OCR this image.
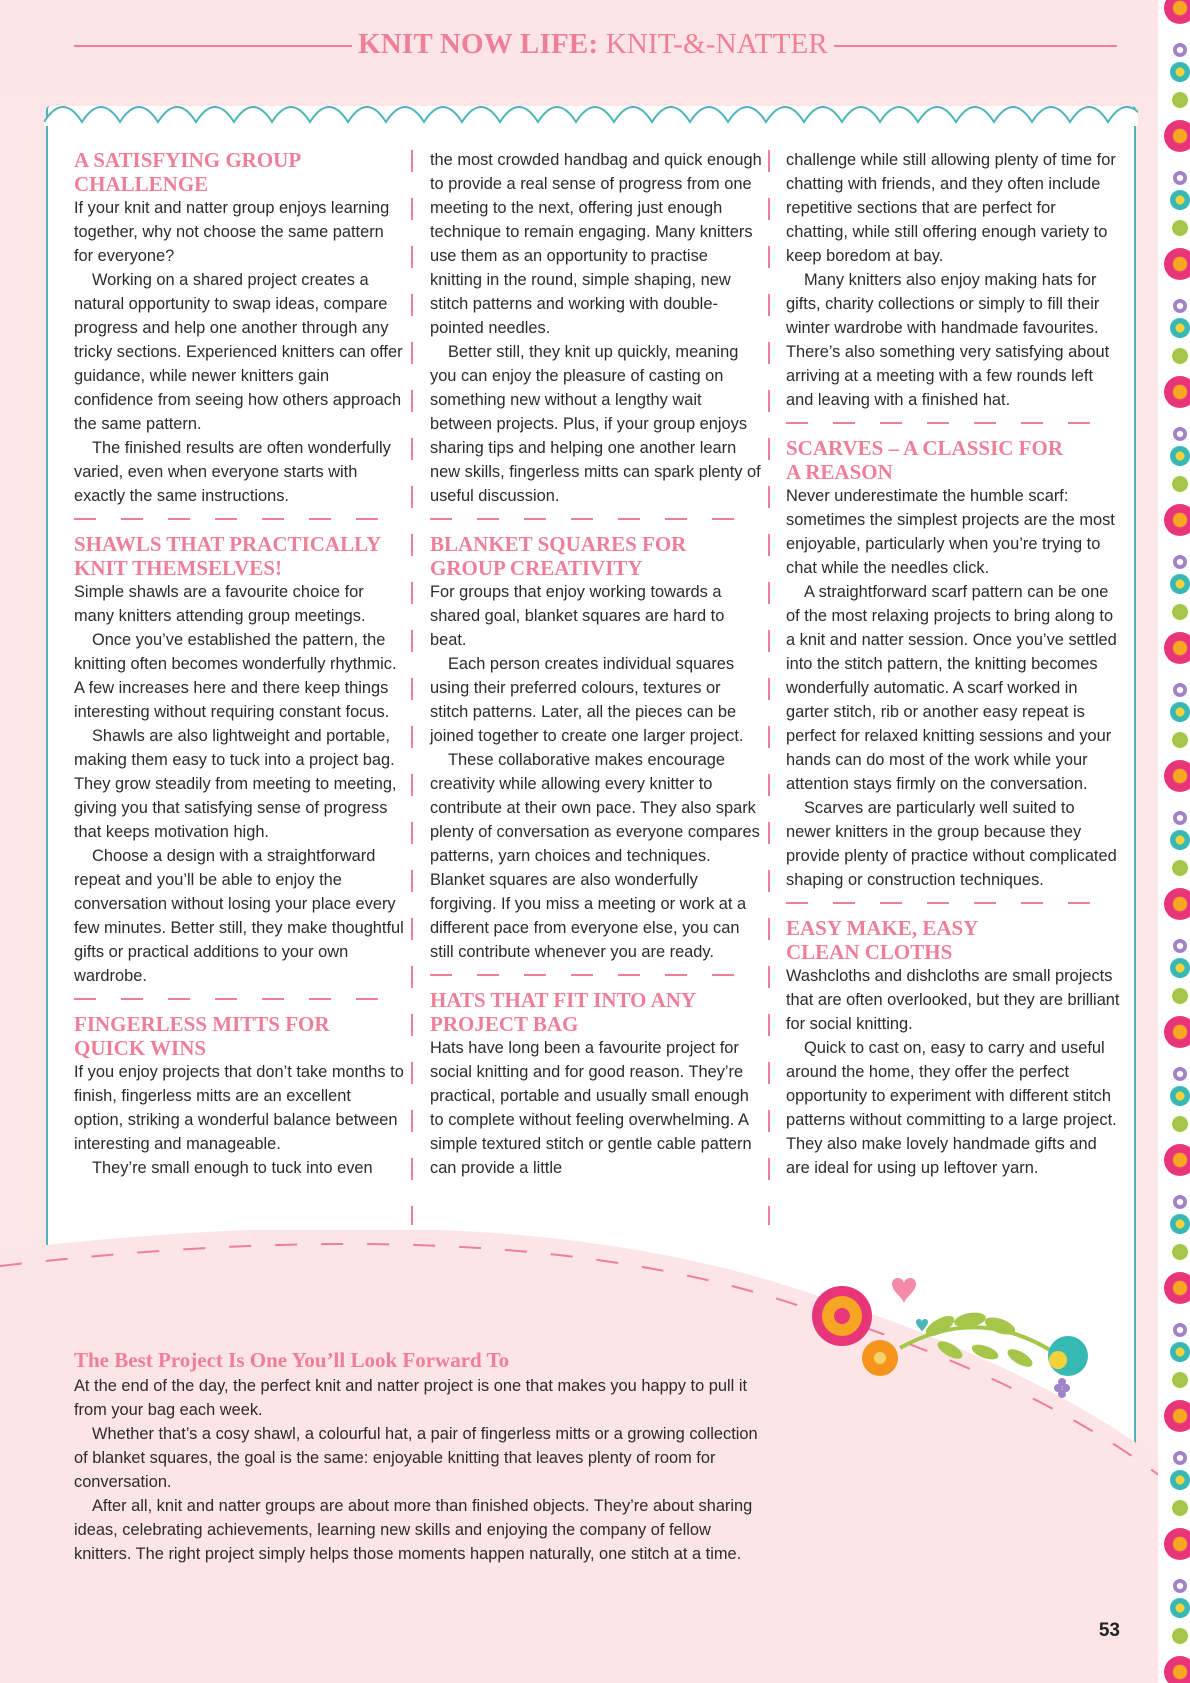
KNIT NOW LIFE: KNIT-&-NATTER
A SATISFYING GROUP CHALLENGE

If your knit and natter group enjoys learning together, why not choose the same pattern for everyone?

Working on a shared project creates a natural opportunity to swap ideas, compare progress and help one another through any tricky sections. Experienced knitters can offer guidance, while newer knitters gain confidence from seeing how others approach the same pattern.

The finished results are often wonderfully varied, even when everyone starts with exactly the same instructions.

SHAWLS THAT PRACTICALLY KNIT THEMSELVES!

Simple shawls are a favourite choice for many knitters attending group meetings.

Once you’ve established the pattern, the knitting often becomes wonderfully rhythmic. A few increases here and there keep things interesting without requiring constant focus.

Shawls are also lightweight and portable, making them easy to tuck into a project bag. They grow steadily from meeting to meeting, giving you that satisfying sense of progress that keeps motivation high.

Choose a design with a straightforward repeat and you’ll be able to enjoy the conversation without losing your place every few minutes. Better still, they make thoughtful gifts or practical additions to your own wardrobe.

FINGERLESS MITTS FOR QUICK WINS

If you enjoy projects that don’t take months to finish, fingerless mitts are an excellent option, striking a wonderful balance between interesting and manageable.

They’re small enough to tuck into even

the most crowded handbag and quick enough to provide a real sense of progress from one meeting to the next, offering just enough technique to remain engaging. Many knitters use them as an opportunity to practise knitting in the round, simple shaping, new stitch patterns and working with double-pointed needles.

Better still, they knit up quickly, meaning you can enjoy the pleasure of casting on something new without a lengthy wait between projects. Plus, if your group enjoys sharing tips and helping one another learn new skills, fingerless mitts can spark plenty of useful discussion.

BLANKET SQUARES FOR GROUP CREATIVITY

For groups that enjoy working towards a shared goal, blanket squares are hard to beat.

Each person creates individual squares using their preferred colours, textures or stitch patterns. Later, all the pieces can be joined together to create one larger project.

These collaborative makes encourage creativity while allowing every knitter to contribute at their own pace. They also spark plenty of conversation as everyone compares patterns, yarn choices and techniques. Blanket squares are also wonderfully forgiving. If you miss a meeting or work at a different pace from everyone else, you can still contribute whenever you are ready.

HATS THAT FIT INTO ANY PROJECT BAG

Hats have long been a favourite project for social knitting and for good reason. They’re practical, portable and usually small enough to complete without feeling overwhelming. A simple textured stitch or gentle cable pattern can provide a little

challenge while still allowing plenty of time for chatting with friends, and they often include repetitive sections that are perfect for chatting, while still offering enough variety to keep boredom at bay.

Many knitters also enjoy making hats for gifts, charity collections or simply to fill their winter wardrobe with handmade favourites. There’s also something very satisfying about arriving at a meeting with a few rounds left and leaving with a finished hat.

SCARVES – A CLASSIC FOR A REASON

Never underestimate the humble scarf: sometimes the simplest projects are the most enjoyable, particularly when you’re trying to chat while the needles click.

A straightforward scarf pattern can be one of the most relaxing projects to bring along to a knit and natter session. Once you’ve settled into the stitch pattern, the knitting becomes wonderfully automatic. A scarf worked in garter stitch, rib or another easy repeat is perfect for relaxed knitting sessions and your hands can do most of the work while your attention stays firmly on the conversation.

Scarves are particularly well suited to newer knitters in the group because they provide plenty of practice without complicated shaping or construction techniques.

EASY MAKE, EASY CLEAN CLOTHS

Washcloths and dishcloths are small projects that are often overlooked, but they are brilliant for social knitting.

Quick to cast on, easy to carry and useful around the home, they offer the perfect opportunity to experiment with different stitch patterns without committing to a large project. They also make lovely handmade gifts and are ideal for using up leftover yarn.

The Best Project Is One You’ll Look Forward To

At the end of the day, the perfect knit and natter project is one that makes you happy to pull it from your bag each week.

Whether that’s a cosy shawl, a colourful hat, a pair of fingerless mitts or a growing collection of blanket squares, the goal is the same: enjoyable knitting that leaves plenty of room for conversation.

After all, knit and natter groups are about more than finished objects. They’re about sharing ideas, celebrating achievements, learning new skills and enjoying the company of fellow knitters. The right project simply helps those moments happen naturally, one stitch at a time.

53
